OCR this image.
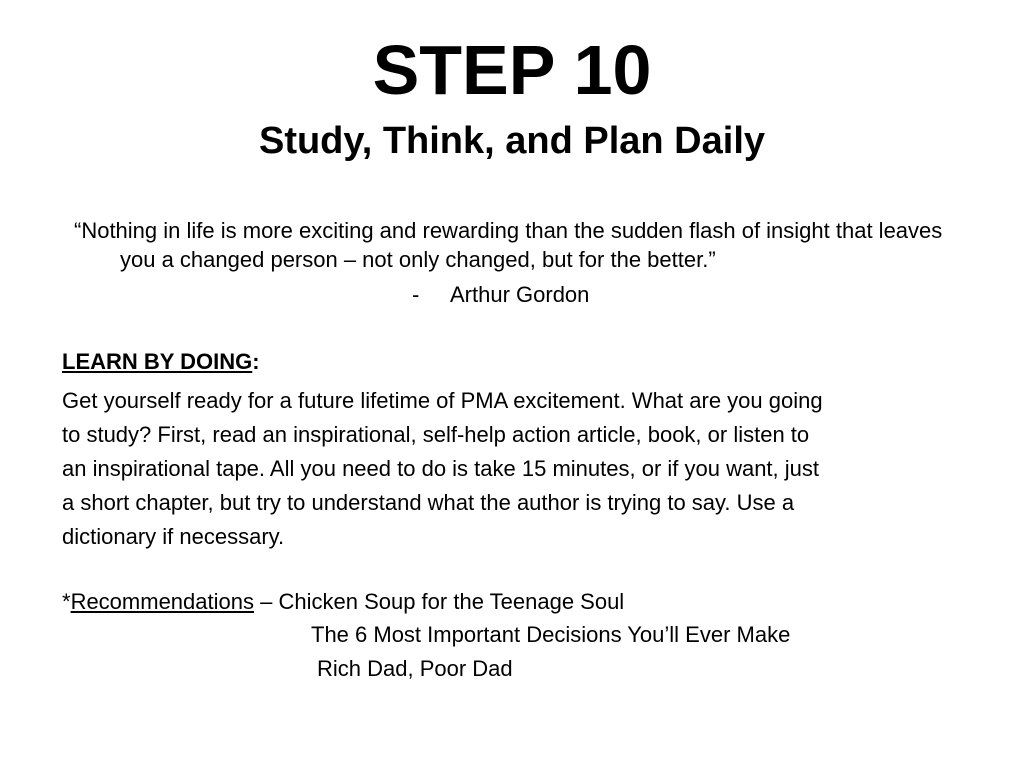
STEP 10
Study, Think, and Plan Daily

“Nothing in life is more exciting and rewarding than the sudden flash of insight that leaves you a changed person – not only changed, but for the better.”

- Arthur Gordon

LEARN BY DOING:

Get yourself ready for a future lifetime of PMA excitement. What are you going
to study? First, read an inspirational, self-help action article, book, or listen to
an inspirational tape. All you need to do is take 15 minutes, or if you want, just
a short chapter, but try to understand what the author is trying to say. Use a
dictionary if necessary.

*Recommendations – Chicken Soup for the Teenage Soul

The 6 Most Important Decisions You’ll Ever Make

Rich Dad, Poor Dad
